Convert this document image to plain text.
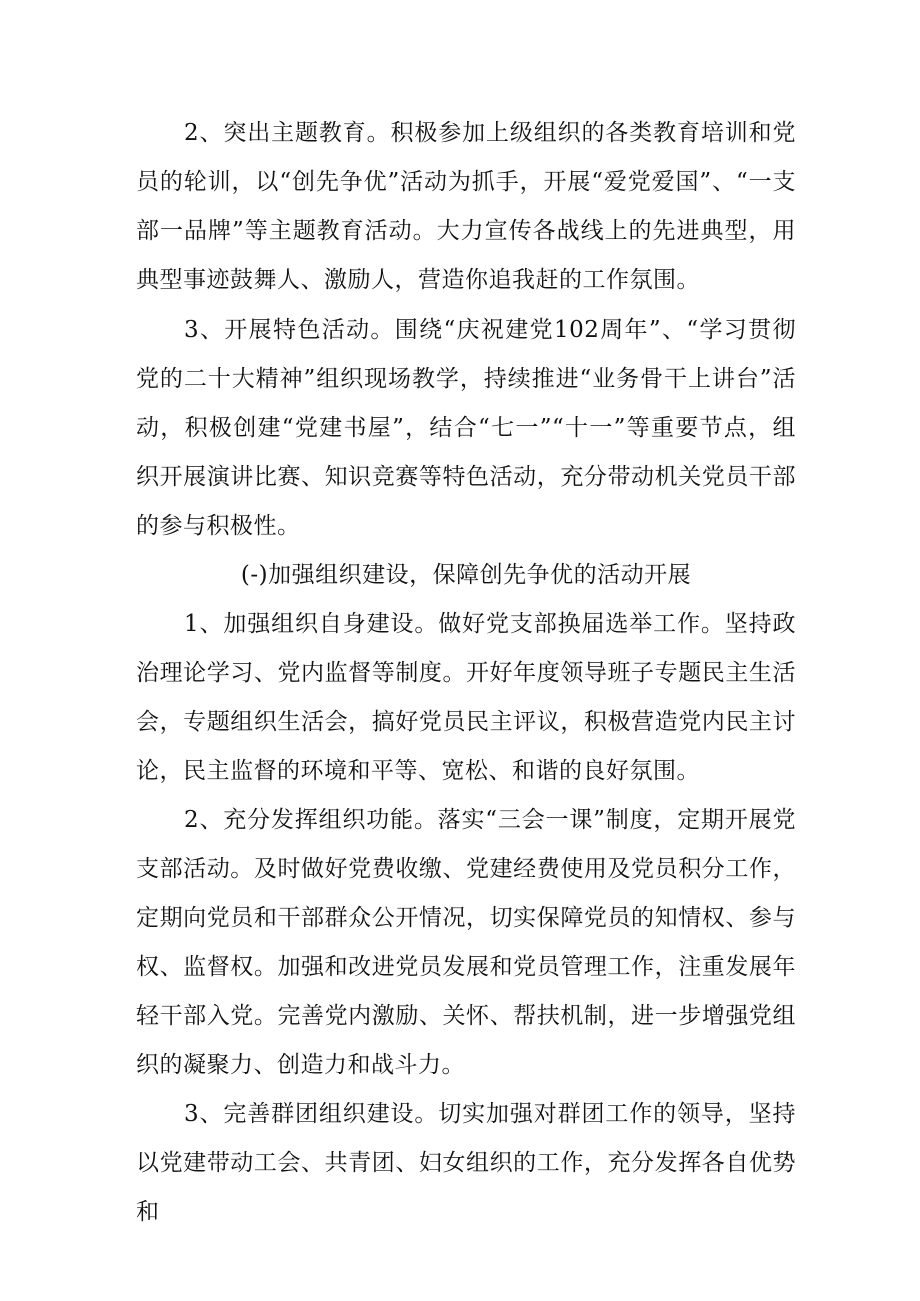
2、突出主题教育。积极参加上级组织的各类教育培训和党员的轮训，以“创先争优”活动为抓手，开展“爱党爱国”、“一支部一品牌”等主题教育活动。大力宣传各战线上的先进典型，用典型事迹鼓舞人、激励人，营造你追我赶的工作氛围。

3、开展特色活动。围绕“庆祝建党102周年”、“学习贯彻党的二十大精神”组织现场教学，持续推进“业务骨干上讲台”活动，积极创建“党建书屋”，结合“七一”“十一”等重要节点，组织开展演讲比赛、知识竞赛等特色活动，充分带动机关党员干部的参与积极性。

(-)加强组织建设，保障创先争优的活动开展

1、加强组织自身建设。做好党支部换届选举工作。坚持政治理论学习、党内监督等制度。开好年度领导班子专题民主生活会，专题组织生活会，搞好党员民主评议，积极营造党内民主讨论，民主监督的环境和平等、宽松、和谐的良好氛围。

2、充分发挥组织功能。落实“三会一课”制度，定期开展党支部活动。及时做好党费收缴、党建经费使用及党员积分工作，定期向党员和干部群众公开情况，切实保障党员的知情权、参与权、监督权。加强和改进党员发展和党员管理工作，注重发展年轻干部入党。完善党内激励、关怀、帮扶机制，进一步增强党组织的凝聚力、创造力和战斗力。

3、完善群团组织建设。切实加强对群团工作的领导，坚持以党建带动工会、共青团、妇女组织的工作，充分发挥各自优势和
